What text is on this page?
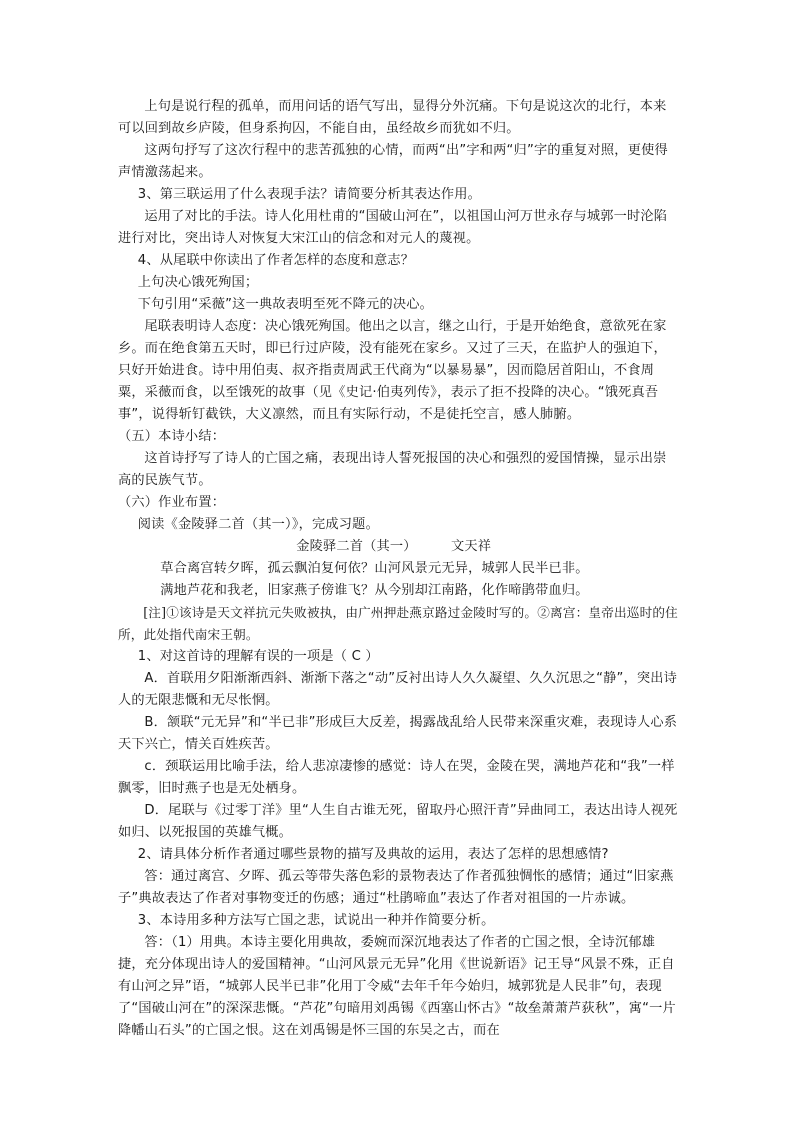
上句是说行程的孤单，而用问话的语气写出，显得分外沉痛。下句是说这次的北行，本来可以回到故乡庐陵，但身系拘囚，不能自由，虽经故乡而犹如不归。

这两句抒写了这次行程中的悲苦孤独的心情，而两“出”字和两“归”字的重复对照，更使得声情激荡起来。

3、第三联运用了什么表现手法？请简要分析其表达作用。

运用了对比的手法。诗人化用杜甫的“国破山河在”，以祖国山河万世永存与城郭一时沦陷进行对比，突出诗人对恢复大宋江山的信念和对元人的蔑视。

4、从尾联中你读出了作者怎样的态度和意志？

上句决心饿死殉国；

下句引用“采薇”这一典故表明至死不降元的决心。

尾联表明诗人态度：决心饿死殉国。他出之以言，继之山行，于是开始绝食，意欲死在家乡。而在绝食第五天时，即已行过庐陵，没有能死在家乡。又过了三天，在监护人的强迫下，只好开始进食。诗中用伯夷、叔齐指责周武王代商为“以暴易暴”，因而隐居首阳山，不食周粟，采薇而食，以至饿死的故事（见《史记·伯夷列传》，表示了拒不投降的决心。“饿死真吾事”，说得斩钉截铁，大义凛然，而且有实际行动，不是徒托空言，感人肺腑。

（五）本诗小结：

这首诗抒写了诗人的亡国之痛，表现出诗人誓死报国的决心和强烈的爱国情操，显示出崇高的民族气节。

（六）作业布置：

阅读《金陵驿二首（其一）》，完成习题。

金陵驿二首（其一）	文天祥

草合离宫转夕晖，孤云飘泊复何依？山河风景元无异，城郭人民半已非。

满地芦花和我老，旧家燕子傍谁飞？从今别却江南路，化作啼鹃带血归。

[注]①该诗是天文祥抗元失败被执，由广州押赴燕京路过金陵时写的。②离宫：皇帝出巡时的住所，此处指代南宋王朝。

1、对这首诗的理解有误的一项是（ C ）

A．首联用夕阳渐渐西斜、渐渐下落之“动”反衬出诗人久久凝望、久久沉思之“静”，突出诗人的无限悲慨和无尽怅惘。

B．颔联“元无异”和“半已非”形成巨大反差，揭露战乱给人民带来深重灾难，表现诗人心系天下兴亡，情关百姓疾苦。

c．颈联运用比喻手法，给人悲凉凄惨的感觉：诗人在哭，金陵在哭，满地芦花和“我”一样飘零，旧时燕子也是无处栖身。

D．尾联与《过零丁洋》里“人生自古谁无死，留取丹心照汗青”异曲同工，表达出诗人视死如归、以死报国的英雄气概。

2、请具体分析作者通过哪些景物的描写及典故的运用，表达了怎样的思想感情?

答：通过离宫、夕晖、孤云等带失落色彩的景物表达了作者孤独惆怅的感情；通过“旧家燕子”典故表达了作者对事物变迁的伤感；通过“杜鹃啼血”表达了作者对祖国的一片赤诚。

3、本诗用多种方法写亡国之悲，试说出一种并作简要分析。

答：（1）用典。本诗主要化用典故，委婉而深沉地表达了作者的亡国之恨，全诗沉郁雄捷，充分体现出诗人的爱国精神。“山河风景元无异”化用《世说新语》记王导“风景不殊，正自有山河之异”语，“城郭人民半已非”化用丁令威“去年千年今始归，城郭犹是人民非”句，表现了“国破山河在”的深深悲慨。“芦花”句暗用刘禹锡《西塞山怀古》“故垒萧萧芦荻秋”，寓“一片降幡山石头”的亡国之恨。这在刘禹锡是怀三国的东吴之古，而在
